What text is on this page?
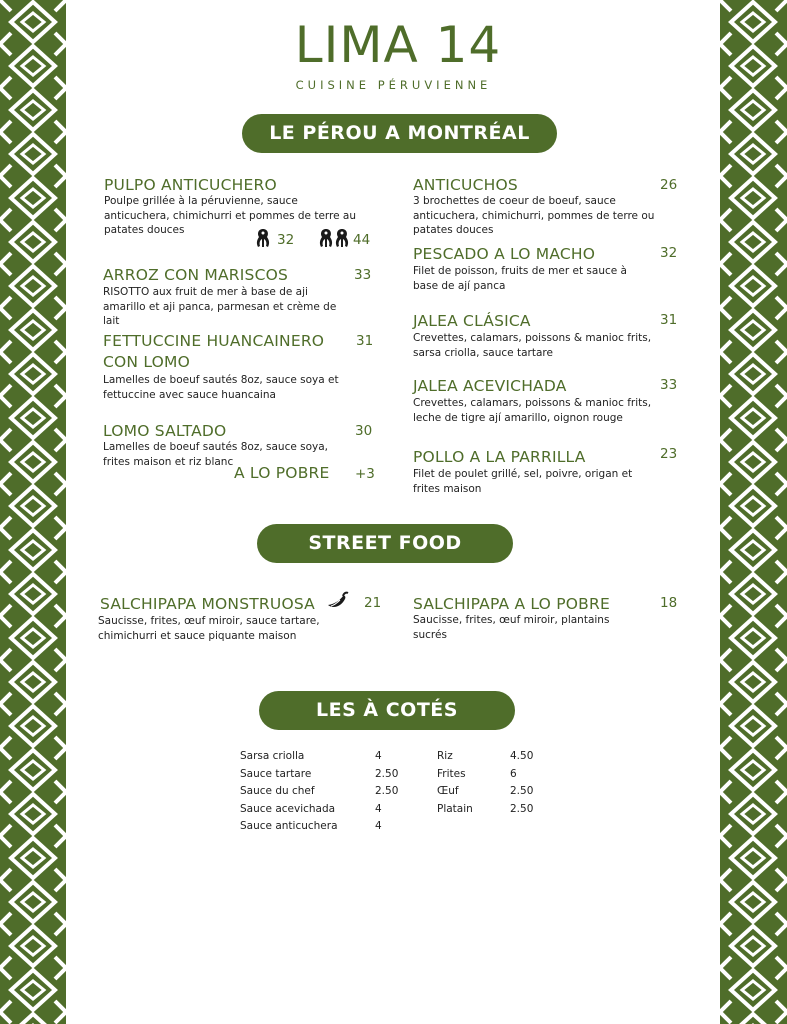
LIMA 14
CUISINE PÉRUVIENNE
LE PÉROU A MONTRÉAL
PULPO ANTICUCHERO
Poulpe grillée à la péruvienne, sauce anticuchera, chimichurri et pommes de terre au patates douces
32	44
ARROZ CON MARISCOS	33
RISOTTO aux fruit de mer à base de aji amarillo et aji panca, parmesan et crème de lait
FETTUCCINE HUANCAINERO CON LOMO
31
Lamelles de boeuf sautés 8oz, sauce soya et fettuccine avec sauce huancaina
LOMO SALTADO	30
Lamelles de boeuf sautés 8oz, sauce soya, frites maison et riz blanc
A LO POBRE +3
ANTICUCHOS	26
3 brochettes de coeur de boeuf, sauce anticuchera, chimichurri, pommes de terre ou patates douces
PESCADO A LO MACHO	32
Filet de poisson, fruits de mer et sauce à base de ají panca
JALEA CLÁSICA	31
Crevettes, calamars, poissons & manioc frits, sarsa criolla, sauce tartare
JALEA ACEVICHADA	33
Crevettes, calamars, poissons & manioc frits, leche de tigre ají amarillo, oignon rouge
POLLO A LA PARRILLA	23
Filet de poulet grillé, sel, poivre, origan et frites maison
STREET FOOD
SALCHIPAPA MONSTRUOSA	21
Saucisse, frites, œuf miroir, sauce tartare, chimichurri et sauce piquante maison
SALCHIPAPA A LO POBRE	18
Saucisse, frites, œuf miroir, plantains sucrés
LES À COTÉS
Sarsa criolla	4
Sauce tartare	2.50
Sauce du chef	2.50
Sauce acevichada	4
Sauce anticuchera	4
Riz	4.50
Frites	6
Œuf	2.50
Platain	2.50
